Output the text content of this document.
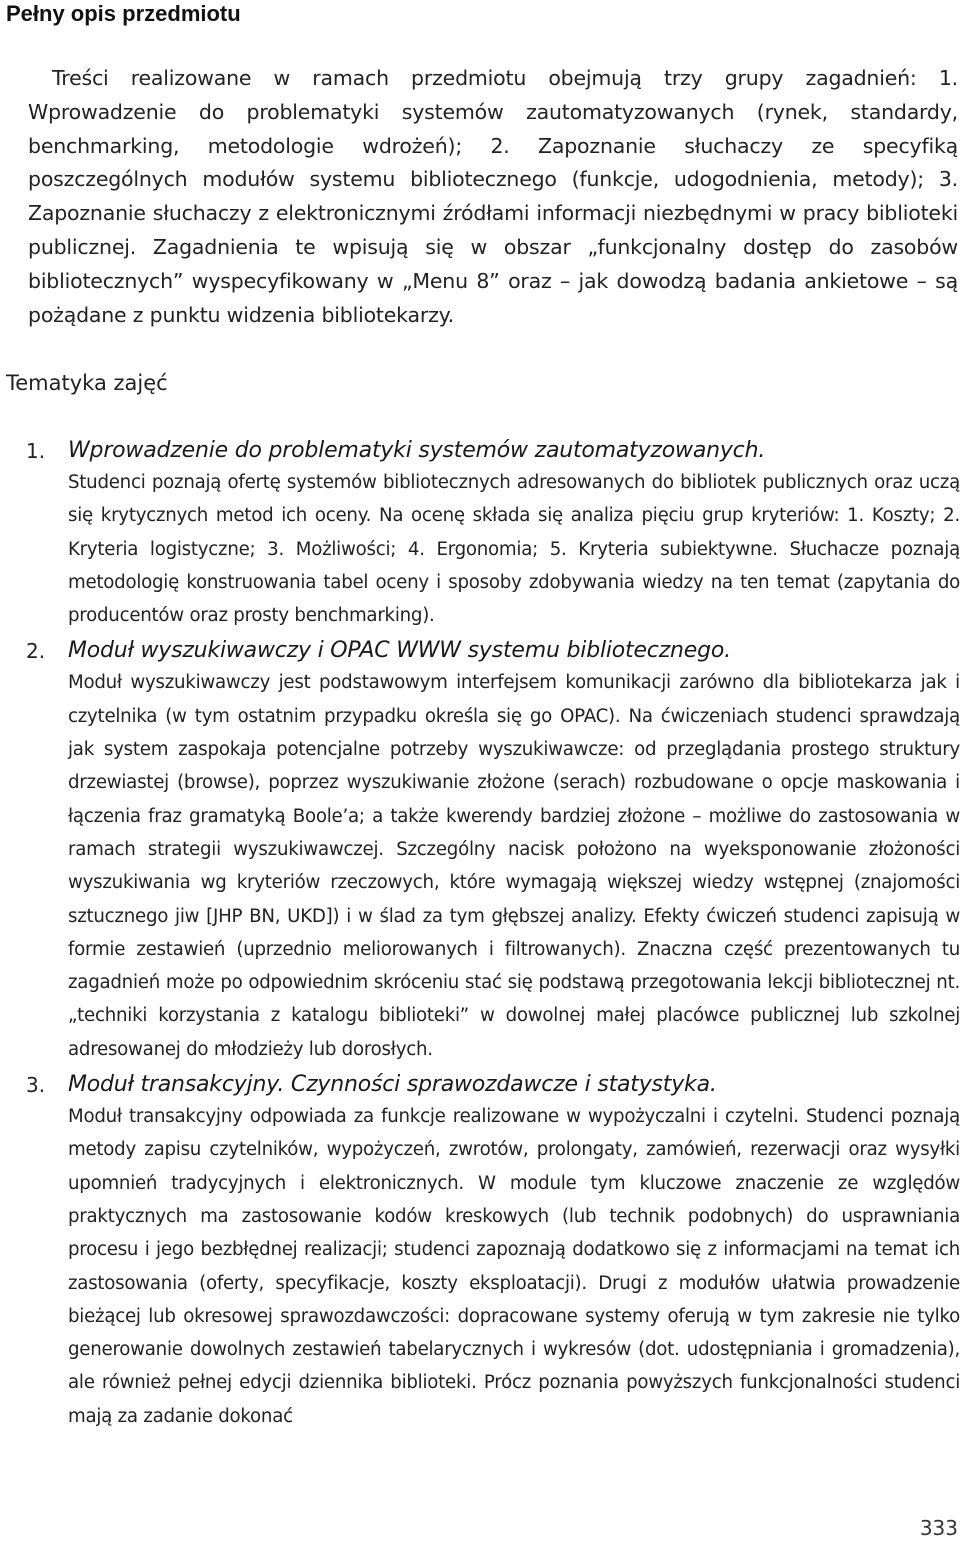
Pełny opis przedmiotu

Treści realizowane w ramach przedmiotu obejmują trzy grupy zagadnień: 1. Wprowadzenie do problematyki systemów zautomatyzowanych (rynek, standardy, benchmarking, metodologie wdrożeń); 2. Zapoznanie słuchaczy ze specyfiką poszczególnych modułów systemu bibliotecznego (funkcje, udogodnienia, metody); 3. Zapoznanie słuchaczy z elektronicznymi źródłami informacji niezbędnymi w pracy biblioteki publicznej. Zagadnienia te wpisują się w obszar „funkcjonalny dostęp do zasobów bibliotecznych” wyspecyfikowany w „Menu 8” oraz – jak dowodzą badania ankietowe – są pożądane z punktu widzenia bibliotekarzy.

Tematyka zajęć
1. Wprowadzenie do problematyki systemów zautomatyzowanych.

Studenci poznają ofertę systemów bibliotecznych adresowanych do bibliotek publicznych oraz uczą się krytycznych metod ich oceny. Na ocenę składa się analiza pięciu grup kryteriów: 1. Koszty; 2. Kryteria logistyczne; 3. Możliwości; 4. Ergonomia; 5. Kryteria subiektywne. Słuchacze poznają metodologię konstruowania tabel oceny i sposoby zdobywania wiedzy na ten temat (zapytania do producentów oraz prosty benchmarking).

2. Moduł wyszukiwawczy i OPAC WWW systemu bibliotecznego.

Moduł wyszukiwawczy jest podstawowym interfejsem komunikacji zarówno dla bibliotekarza jak i czytelnika (w tym ostatnim przypadku określa się go OPAC). Na ćwiczeniach studenci sprawdzają jak system zaspokaja potencjalne potrzeby wyszukiwawcze: od przeglądania prostego struktury drzewiastej (browse), poprzez wyszukiwanie złożone (serach) rozbudowane o opcje maskowania i łączenia fraz gramatyką Boole’a; a także kwerendy bardziej złożone – możliwe do zastosowania w ramach strategii wyszukiwawczej. Szczególny nacisk położono na wyeksponowanie złożoności wyszukiwania wg kryteriów rzeczowych, które wymagają większej wiedzy wstępnej (znajomości sztucznego jiw [JHP BN, UKD]) i w ślad za tym głębszej analizy. Efekty ćwiczeń studenci zapisują w formie zestawień (uprzednio meliorowanych i filtrowanych). Znaczna część prezentowanych tu zagadnień może po odpowiednim skróceniu stać się podstawą przegotowania lekcji bibliotecznej nt. „techniki korzystania z katalogu biblioteki” w dowolnej małej placówce publicznej lub szkolnej adresowanej do młodzieży lub dorosłych.

3. Moduł transakcyjny. Czynności sprawozdawcze i statystyka.

Moduł transakcyjny odpowiada za funkcje realizowane w wypożyczalni i czytelni. Studenci poznają metody zapisu czytelników, wypożyczeń, zwrotów, prolongaty, zamówień, rezerwacji oraz wysyłki upomnień tradycyjnych i elektronicznych. W module tym kluczowe znaczenie ze względów praktycznych ma zastosowanie kodów kreskowych (lub technik podobnych) do usprawniania procesu i jego bezbłędnej realizacji; studenci zapoznają dodatkowo się z informacjami na temat ich zastosowania (oferty, specyfikacje, koszty eksploatacji). Drugi z modułów ułatwia prowadzenie bieżącej lub okresowej sprawozdawczości: dopracowane systemy oferują w tym zakresie nie tylko generowanie dowolnych zestawień tabelarycznych i wykresów (dot. udostępniania i gromadzenia), ale również pełnej edycji dziennika biblioteki. Prócz poznania powyższych funkcjonalności studenci mają za zadanie dokonać

333
